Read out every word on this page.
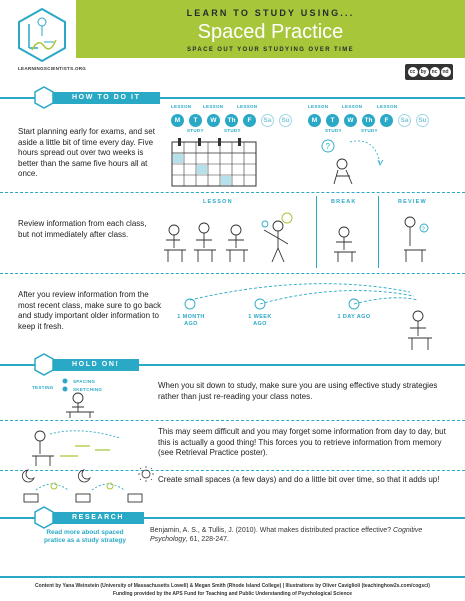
LEARNINGSCIENTISTS.ORG
LEARN TO STUDY USING...
Spaced Practice
SPACE OUT YOUR STUDYING OVER TIME
cc	by	nc	nd
HOW TO DO IT
Start planning early for exams, and set aside a little bit of time every day. Five hours spread out over two weeks is better than the same five hours all at once.
LESSON	LESSON	LESSON
STUDY	STUDY
LESSON	LESSON	LESSON
STUDY	STUDY
M	T	W	Th	F	Sa	Su	M	T	W	Th	F	Sa	Su
?
LESSON	BREAK	REVIEW
Review information from each class, but not immediately after class.	?
After you review information from the most recent class, make sure to go back and study important older information to keep it fresh.
1 MONTH AGO
1 WEEK AGO
1 DAY AGO
HOLD ON!
TESTING
SPACING
SKETCHING	When you sit down to study, make sure you are using effective study strategies rather than just re-reading your class notes.
This may seem difficult and you may forget some information from day to day, but this is actually a good thing! This forces you to retrieve information from memory (see Retrieval Practice poster).
Create small spaces (a few days) and do a little bit over time, so that it adds up!
RESEARCH
Read more about spaced pratice as a study strategy
Benjamin, A. S., & Tullis, J. (2010). What makes distributed practice effective? Cognitive Psychology, 61, 228-247.
Content by Yana Weinstein (University of Massachusetts Lowell) & Megan Smith (Rhode Island College) | Illustrations by Oliver Caviglioli (teachinghow2s.com/cogsci)
Funding provided by the APS Fund for Teaching and Public Understanding of Psychological Science
